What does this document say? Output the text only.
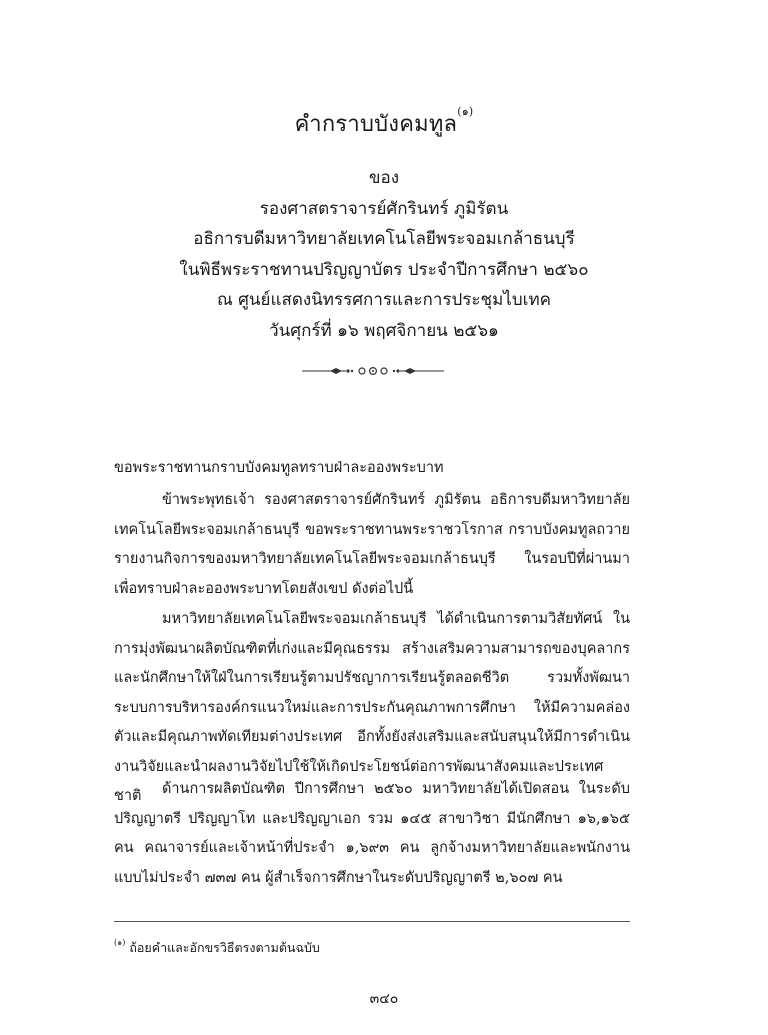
คำกราบบังคมทูล$^{(๑)}$
ของ
รองศาสตราจารย์ศักรินทร์ ภูมิรัตน
อธิการบดีมหาวิทยาลัยเทคโนโลยีพระจอมเกล้าธนบุรี
ในพิธีพระราชทานปริญญาบัตร ประจำปีการศึกษา ๒๕๖๐
ณ ศูนย์แสดงนิทรรศการและการประชุมไบเทค
วันศุกร์ที่ ๑๖ พฤศจิกายน ๒๕๖๑
ขอพระราชทานกราบบังคมทูลทราบฝ่าละอองพระบาท
ข้าพระพุทธเจ้า รองศาสตราจารย์ศักรินทร์ ภูมิรัตน อธิการบดีมหาวิทยาลัยเทคโนโลยีพระจอมเกล้าธนบุรี ขอพระราชทานพระราชวโรกาส กราบบังคมทูลถวายรายงานกิจการของมหาวิทยาลัยเทคโนโลยีพระจอมเกล้าธนบุรี ในรอบปีที่ผ่านมา เพื่อทราบฝ่าละอองพระบาทโดยสังเขป ดังต่อไปนี้
มหาวิทยาลัยเทคโนโลยีพระจอมเกล้าธนบุรี ได้ดำเนินการตามวิสัยทัศน์ ในการมุ่งพัฒนาผลิตบัณฑิตที่เก่งและมีคุณธรรม สร้างเสริมความสามารถของบุคลากรและนักศึกษาให้ใฝ่ในการเรียนรู้ตามปรัชญาการเรียนรู้ตลอดชีวิต รวมทั้งพัฒนาระบบการบริหารองค์กรแนวใหม่และการประกันคุณภาพการศึกษา ให้มีความคล่องตัวและมีคุณภาพทัดเทียมต่างประเทศ อีกทั้งยังส่งเสริมและสนับสนุนให้มีการดำเนินงานวิจัยและนำผลงานวิจัยไปใช้ให้เกิดประโยชน์ต่อการพัฒนาสังคมและประเทศชาติ	ด้านการผลิตบัณฑิต ปีการศึกษา ๒๕๖๐ มหาวิทยาลัยได้เปิดสอน ในระดับปริญญาตรี ปริญญาโท และปริญญาเอก รวม ๑๔๕ สาขาวิชา มีนักศึกษา ๑๖,๑๖๕ คน คณาจารย์และเจ้าหน้าที่ประจำ ๑,๖๙๓ คน ลูกจ้างมหาวิทยาลัยและพนักงานแบบไม่ประจำ ๗๓๗ คน ผู้สำเร็จการศึกษาในระดับปริญญาตรี ๒,๖๐๗ คน
$^{(๑)}$ ถ้อยคำและอักขรวิธีตรงตามต้นฉบับ
๓๔๐
